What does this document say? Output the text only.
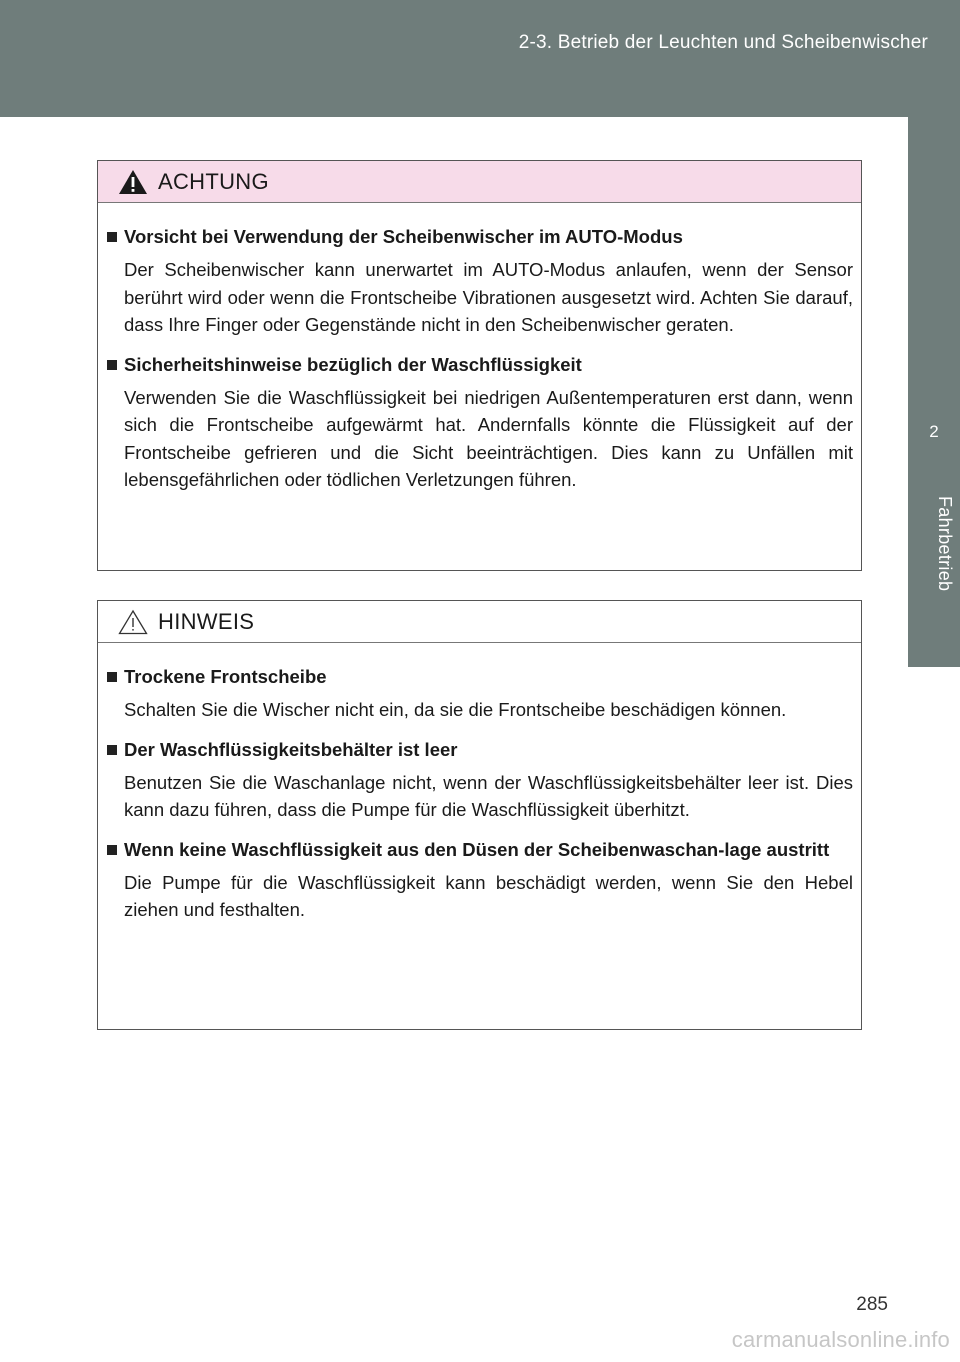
2-3. Betrieb der Leuchten und Scheibenwischer
2
Fahrbetrieb
ACHTUNG
Vorsicht bei Verwendung der Scheibenwischer im AUTO-Modus

Der Scheibenwischer kann unerwartet im AUTO-Modus anlaufen, wenn der Sensor berührt wird oder wenn die Frontscheibe Vibrationen ausgesetzt wird. Achten Sie darauf, dass Ihre Finger oder Gegenstände nicht in den Scheibenwischer geraten.

Sicherheitshinweise bezüglich der Waschflüssigkeit

Verwenden Sie die Waschflüssigkeit bei niedrigen Außentemperaturen erst dann, wenn sich die Frontscheibe aufgewärmt hat. Andernfalls könnte die Flüssigkeit auf der Frontscheibe gefrieren und die Sicht beeinträchtigen. Dies kann zu Unfällen mit lebensgefährlichen oder tödlichen Verletzungen führen.

HINWEIS
Trockene Frontscheibe

Schalten Sie die Wischer nicht ein, da sie die Frontscheibe beschädigen können.

Der Waschflüssigkeitsbehälter ist leer

Benutzen Sie die Waschanlage nicht, wenn der Waschflüssigkeitsbehälter leer ist. Dies kann dazu führen, dass die Pumpe für die Waschflüssigkeit überhitzt.

Wenn keine Waschflüssigkeit aus den Düsen der Scheibenwaschan-lage austritt

Die Pumpe für die Waschflüssigkeit kann beschädigt werden, wenn Sie den Hebel ziehen und festhalten.

285
carmanualsonline.info
